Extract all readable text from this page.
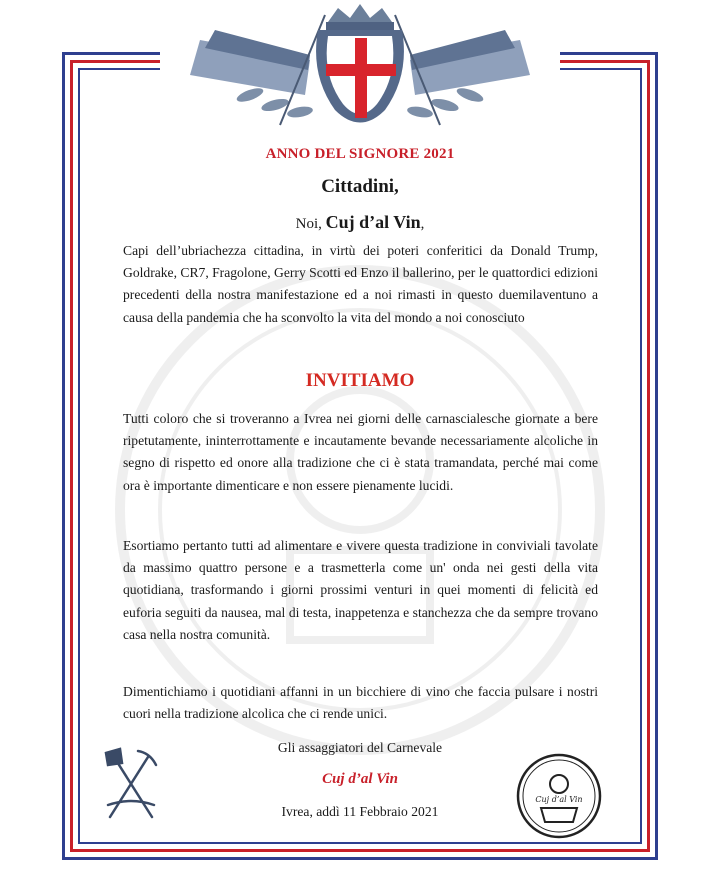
ANNO DEL SIGNORE 2021
Cittadini,
Noi, Cuj d’al Vin,

Capi dell’ubriachezza cittadina, in virtù dei poteri conferitici da Donald Trump, Goldrake, CR7, Fragolone, Gerry Scotti ed Enzo il ballerino, per le quattordici edizioni precedenti della nostra manifestazione ed a noi rimasti in questo duemilaventuno a causa della pandemia che ha sconvolto la vita del mondo a noi conosciuto

INVITIAMO

Tutti coloro che si troveranno a Ivrea nei giorni delle carnascialesche giornate a bere ripetutamente, ininterrottamente e incautamente bevande necessariamente alcoliche in segno di rispetto ed onore alla tradizione che ci è stata tramandata, perché mai come ora è importante dimenticare e non essere pienamente lucidi.

Esortiamo pertanto tutti ad alimentare e vivere questa tradizione in conviviali tavolate da massimo quattro persone e a trasmetterla come un' onda nei gesti della vita quotidiana, trasformando i giorni prossimi venturi in quei momenti di felicità ed euforia seguiti da nausea, mal di testa, inappetenza e stanchezza che da sempre trovano casa nella nostra comunità.

Dimentichiamo i quotidiani affanni in un bicchiere di vino che faccia pulsare i nostri cuori nella tradizione alcolica che ci rende unici.

Gli assaggiatori del Carnevale
Cuj d’al Vin
Ivrea, addì 11 Febbraio 2021
Cuj d’al Vin
